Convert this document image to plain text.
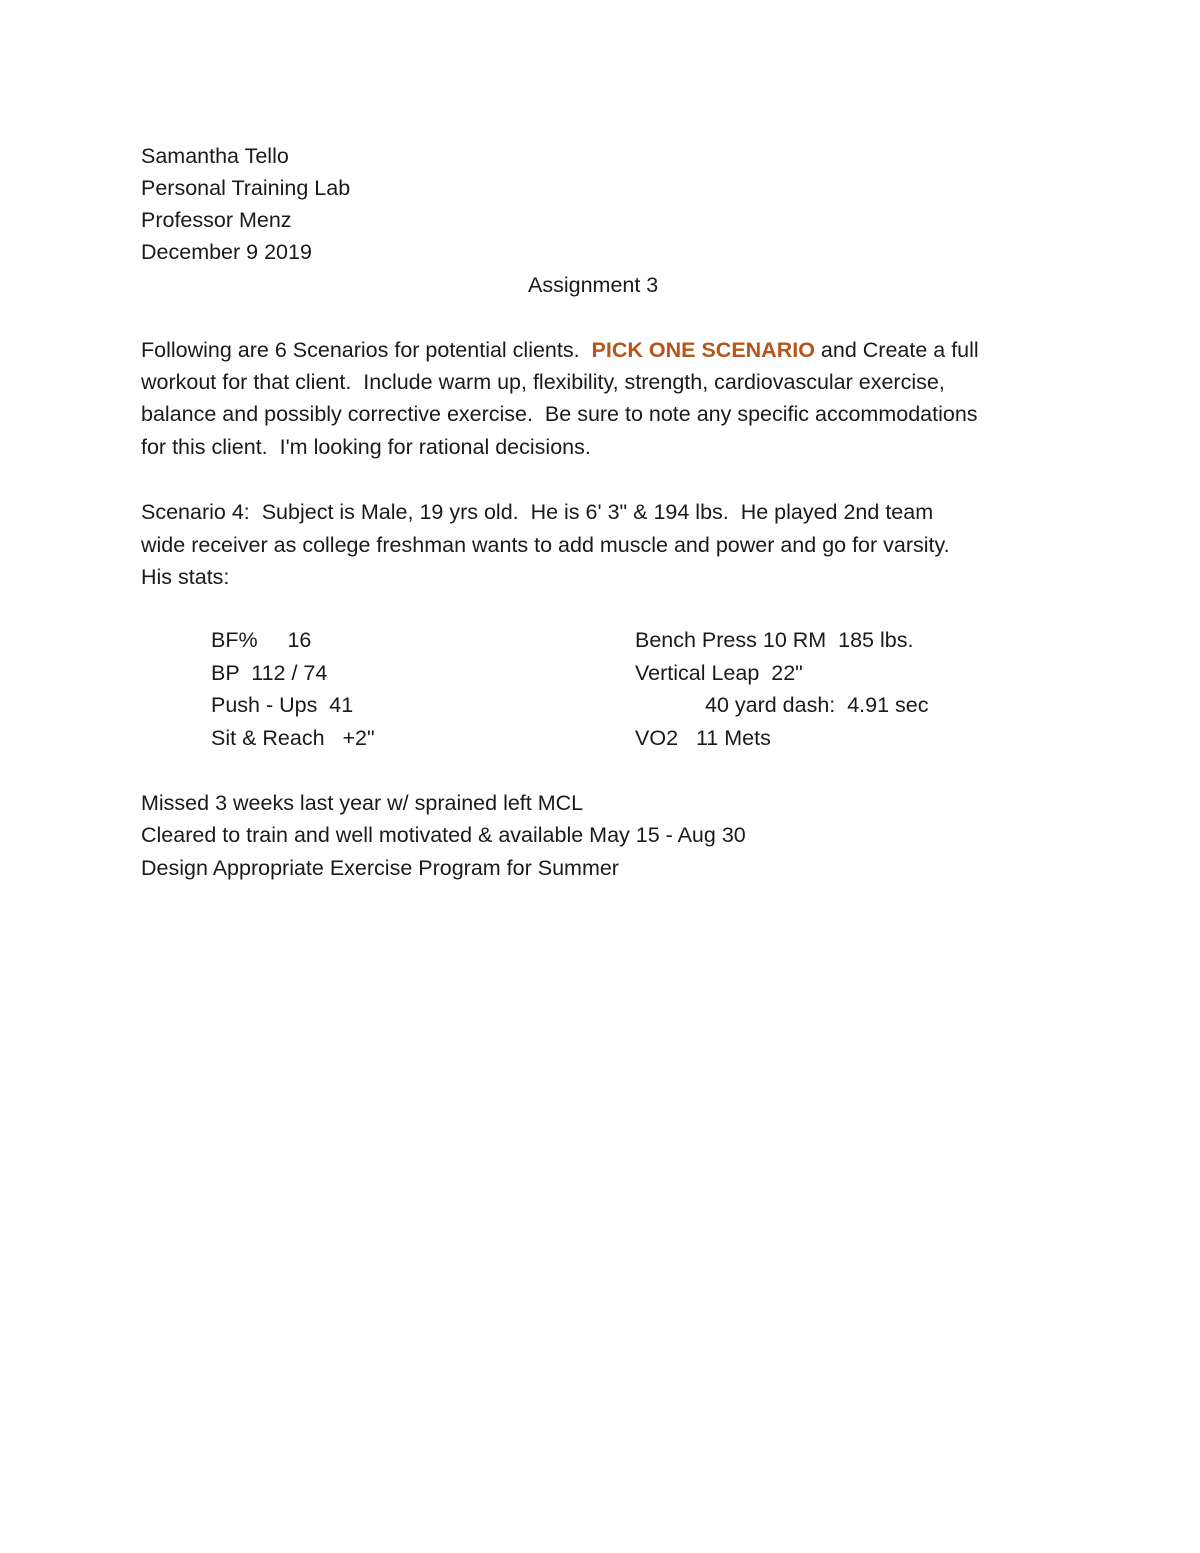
Samantha Tello
Personal Training Lab
Professor Menz
December 9 2019
Assignment 3
Following are 6 Scenarios for potential clients.  PICK ONE SCENARIO and Create a full
workout for that client.  Include warm up, flexibility, strength, cardiovascular exercise,
balance and possibly corrective exercise.  Be sure to note any specific accommodations
for this client.  I'm looking for rational decisions.
Scenario 4:  Subject is Male, 19 yrs old.  He is 6' 3" & 194 lbs.  He played 2nd team
wide receiver as college freshman wants to add muscle and power and go for varsity.
His stats:
BF%     16
BP  112 / 74
Push - Ups  41
Sit & Reach   +2"
Bench Press 10 RM  185 lbs.
Vertical Leap  22"
40 yard dash:  4.91 sec
VO2   11 Mets
Missed 3 weeks last year w/ sprained left MCL
Cleared to train and well motivated & available May 15 - Aug 30
Design Appropriate Exercise Program for Summer
